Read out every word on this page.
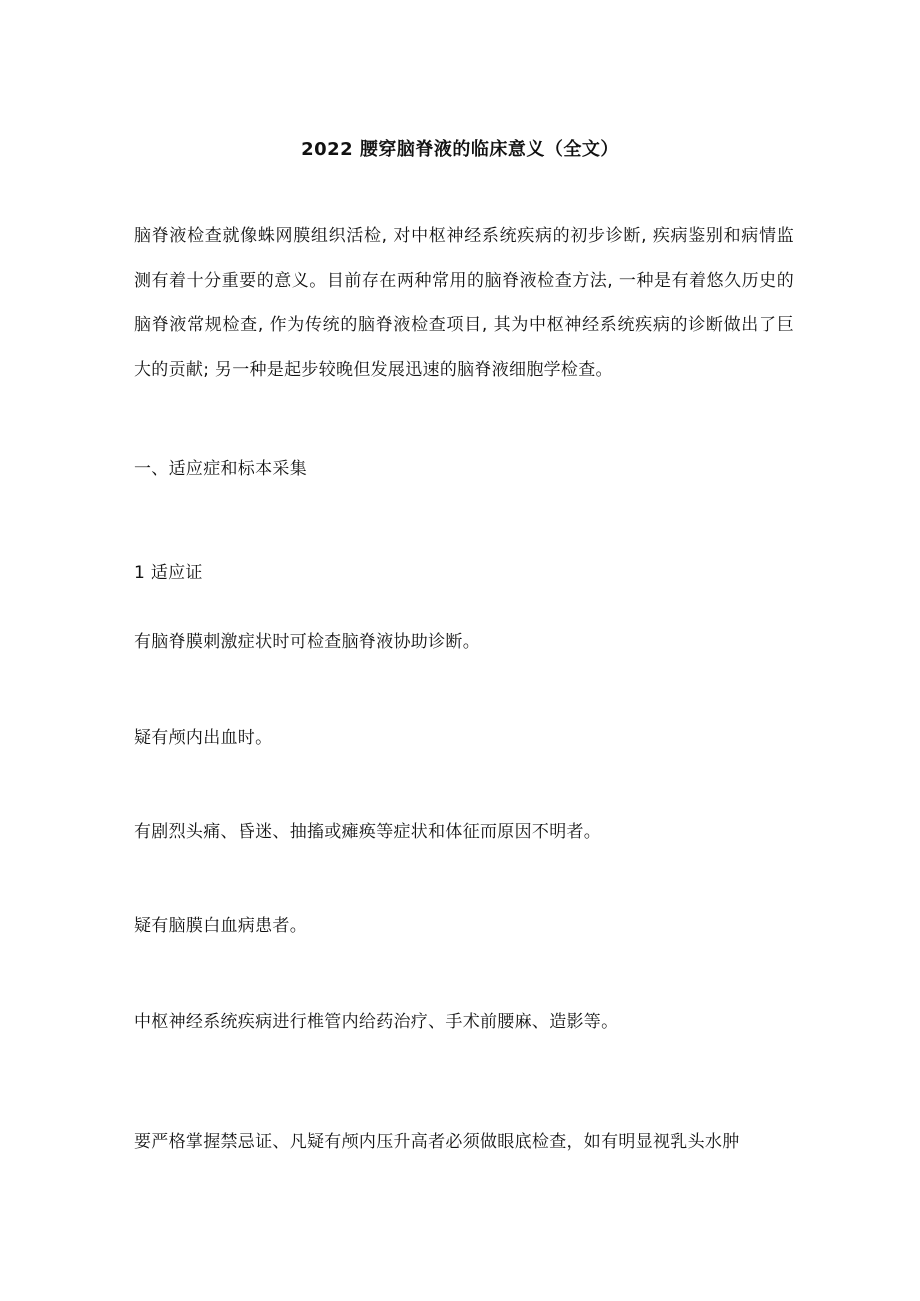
2022 腰穿脑脊液的临床意义（全文）

脑脊液检查就像蛛网膜组织活检, 对中枢神经系统疾病的初步诊断, 疾病鉴别和病情监测有着十分重要的意义。目前存在两种常用的脑脊液检查方法, 一种是有着悠久历史的脑脊液常规检查, 作为传统的脑脊液检查项目, 其为中枢神经系统疾病的诊断做出了巨大的贡献; 另一种是起步较晚但发展迅速的脑脊液细胞学检查。

一、适应症和标本采集

1 适应证

有脑脊膜刺激症状时可检查脑脊液协助诊断。

疑有颅内出血时。

有剧烈头痛、昏迷、抽搐或瘫痪等症状和体征而原因不明者。

疑有脑膜白血病患者。

中枢神经系统疾病进行椎管内给药治疗、手术前腰麻、造影等。

要严格掌握禁忌证、凡疑有颅内压升高者必须做眼底检查，如有明显视乳头水肿
